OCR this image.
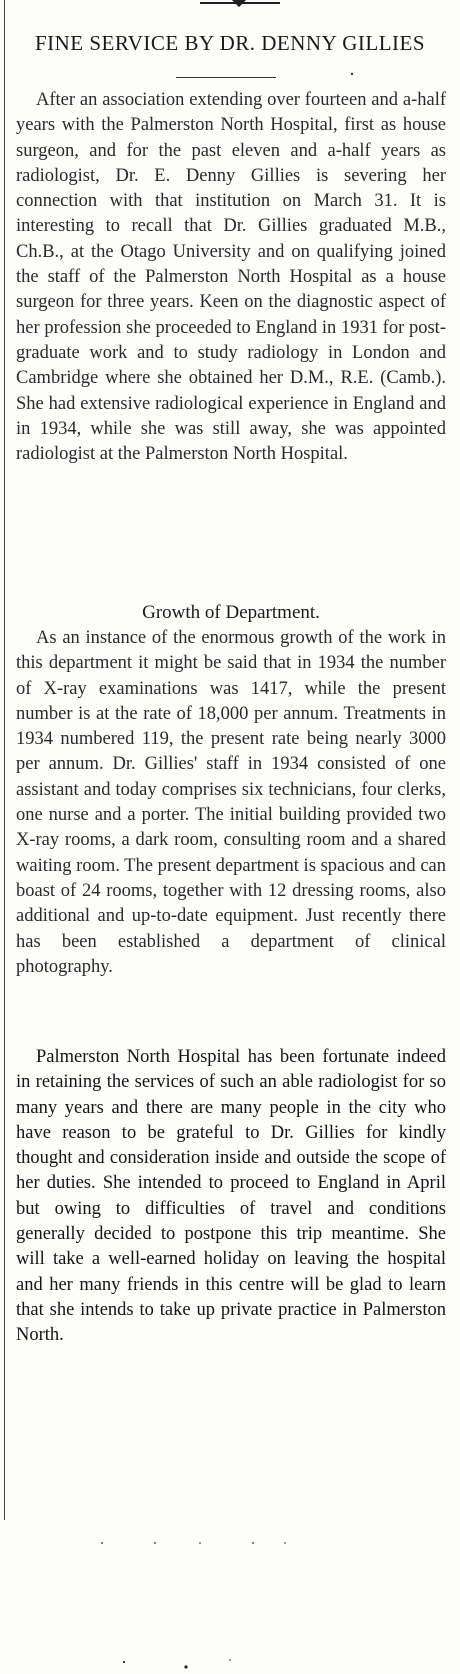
FINE SERVICE BY DR. DENNY GILLIES

After an association extending over fourteen and a-half years with the Palmerston North Hospital, first as house surgeon, and for the past eleven and a-half years as radiologist, Dr. E. Denny Gillies is severing her connection with that institution on March 31. It is interesting to recall that Dr. Gillies graduated M.B., Ch.B., at the Otago University and on qualifying joined the staff of the Palmerston North Hospital as a house surgeon for three years. Keen on the diagnostic aspect of her profession she proceeded to England in 1931 for post-graduate work and to study radiology in London and Cambridge where she obtained her D.M., R.E. (Camb.). She had extensive radiological experience in England and in 1934, while she was still away, she was appointed radiologist at the Palmerston North Hospital.

Growth of Department.

As an instance of the enormous growth of the work in this department it might be said that in 1934 the number of X-ray examinations was 1417, while the present number is at the rate of 18,000 per annum. Treatments in 1934 numbered 119, the present rate being nearly 3000 per annum. Dr. Gillies' staff in 1934 consisted of one assistant and today comprises six technicians, four clerks, one nurse and a porter. The initial building provided two X-ray rooms, a dark room, consulting room and a shared waiting room. The present department is spacious and can boast of 24 rooms, together with 12 dressing rooms, also additional and up-to-date equipment. Just recently there has been established a department of clinical photography.

Palmerston North Hospital has been fortunate indeed in retaining the services of such an able radiologist for so many years and there are many people in the city who have reason to be grateful to Dr. Gillies for kindly thought and consideration inside and outside the scope of her duties. She intended to proceed to England in April but owing to difficulties of travel and conditions generally decided to postpone this trip meantime. She will take a well-earned holiday on leaving the hospital and her many friends in this centre will be glad to learn that she intends to take up private practice in Palmerston North.
